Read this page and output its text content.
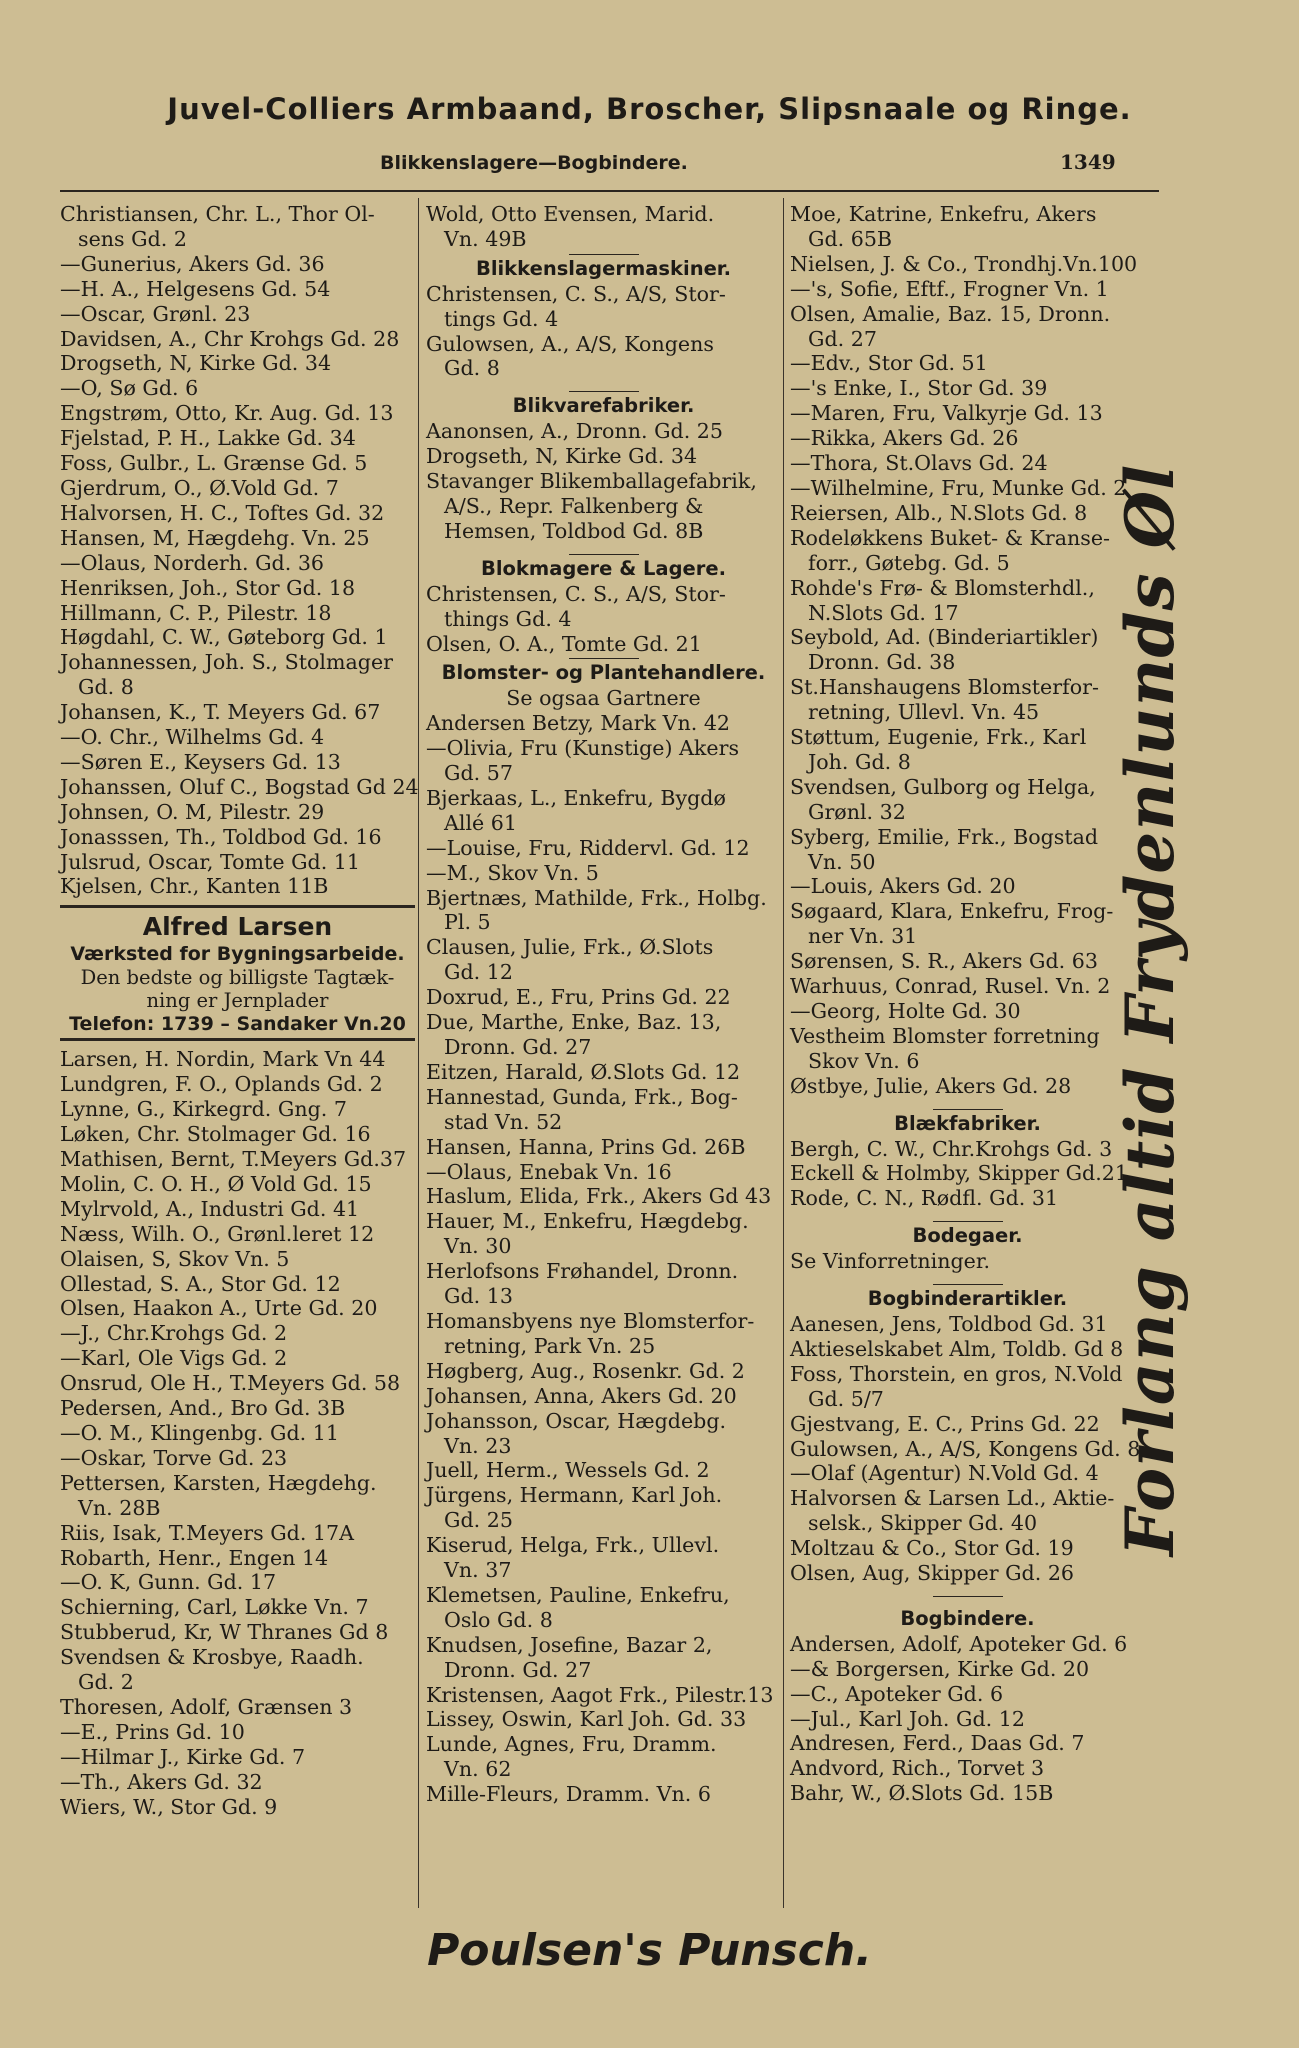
Juvel-Colliers Armbaand, Broscher, Slipsnaale og Ringe.
Blikkenslagere—Bogbindere.	1349
Christiansen, Chr. L., Thor Ol-
sens Gd. 2
—Gunerius, Akers Gd. 36
—H. A., Helgesens Gd. 54
—Oscar, Grønl. 23
Davidsen, A., Chr Krohgs Gd. 28
Drogseth, N, Kirke Gd. 34
—O, Sø Gd. 6
Engstrøm, Otto, Kr. Aug. Gd. 13
Fjelstad, P. H., Lakke Gd. 34
Foss, Gulbr., L. Grænse Gd. 5
Gjerdrum, O., Ø.Vold Gd. 7
Halvorsen, H. C., Toftes Gd. 32
Hansen, M, Hægdehg. Vn. 25
—Olaus, Norderh. Gd. 36
Henriksen, Joh., Stor Gd. 18
Hillmann, C. P., Pilestr. 18
Høgdahl, C. W., Gøteborg Gd. 1
Johannessen, Joh. S., Stolmager
Gd. 8
Johansen, K., T. Meyers Gd. 67
—O. Chr., Wilhelms Gd. 4
—Søren E., Keysers Gd. 13
Johanssen, Oluf C., Bogstad Gd 24
Johnsen, O. M, Pilestr. 29
Jonasssen, Th., Toldbod Gd. 16
Julsrud, Oscar, Tomte Gd. 11
Kjelsen, Chr., Kanten 11B
Alfred Larsen
Værksted for Bygningsarbeide.
Den bedste og billigste Tagtæk-
ning er Jernplader
Telefon: 1739 – Sandaker Vn.20
Larsen, H. Nordin, Mark Vn 44
Lundgren, F. O., Oplands Gd. 2
Lynne, G., Kirkegrd. Gng. 7
Løken, Chr. Stolmager Gd. 16
Mathisen, Bernt, T.Meyers Gd.37
Molin, C. O. H., Ø Vold Gd. 15
Mylrvold, A., Industri Gd. 41
Næss, Wilh. O., Grønl.leret 12
Olaisen, S, Skov Vn. 5
Ollestad, S. A., Stor Gd. 12
Olsen, Haakon A., Urte Gd. 20
—J., Chr.Krohgs Gd. 2
—Karl, Ole Vigs Gd. 2
Onsrud, Ole H., T.Meyers Gd. 58
Pedersen, And., Bro Gd. 3B
—O. M., Klingenbg. Gd. 11
—Oskar, Torve Gd. 23
Pettersen, Karsten, Hægdehg.
Vn. 28B
Riis, Isak, T.Meyers Gd. 17A
Robarth, Henr., Engen 14
—O. K, Gunn. Gd. 17
Schierning, Carl, Løkke Vn. 7
Stubberud, Kr, W Thranes Gd 8
Svendsen & Krosbye, Raadh.
Gd. 2
Thoresen, Adolf, Grænsen 3
—E., Prins Gd. 10
—Hilmar J., Kirke Gd. 7
—Th., Akers Gd. 32
Wiers, W., Stor Gd. 9
Wold, Otto Evensen, Marid.
Vn. 49B
Blikkenslagermaskiner.
Christensen, C. S., A/S, Stor-
tings Gd. 4
Gulowsen, A., A/S, Kongens
Gd. 8
Blikvarefabriker.
Aanonsen, A., Dronn. Gd. 25
Drogseth, N, Kirke Gd. 34
Stavanger Blikemballagefabrik,
A/S., Repr. Falkenberg &
Hemsen, Toldbod Gd. 8B
Blokmagere & Lagere.
Christensen, C. S., A/S, Stor-
things Gd. 4
Olsen, O. A., Tomte Gd. 21
Blomster- og Plantehandlere.
Se ogsaa Gartnere
Andersen Betzy, Mark Vn. 42
—Olivia, Fru (Kunstige) Akers
Gd. 57
Bjerkaas, L., Enkefru, Bygdø
Allé 61
—Louise, Fru, Riddervl. Gd. 12
—M., Skov Vn. 5
Bjertnæs, Mathilde, Frk., Holbg.
Pl. 5
Clausen, Julie, Frk., Ø.Slots
Gd. 12
Doxrud, E., Fru, Prins Gd. 22
Due, Marthe, Enke, Baz. 13,
Dronn. Gd. 27
Eitzen, Harald, Ø.Slots Gd. 12
Hannestad, Gunda, Frk., Bog-
stad Vn. 52
Hansen, Hanna, Prins Gd. 26B
—Olaus, Enebak Vn. 16
Haslum, Elida, Frk., Akers Gd 43
Hauer, M., Enkefru, Hægdebg.
Vn. 30
Herlofsons Frøhandel, Dronn.
Gd. 13
Homansbyens nye Blomsterfor-
retning, Park Vn. 25
Høgberg, Aug., Rosenkr. Gd. 2
Johansen, Anna, Akers Gd. 20
Johansson, Oscar, Hægdebg.
Vn. 23
Juell, Herm., Wessels Gd. 2
Jürgens, Hermann, Karl Joh.
Gd. 25
Kiserud, Helga, Frk., Ullevl.
Vn. 37
Klemetsen, Pauline, Enkefru,
Oslo Gd. 8
Knudsen, Josefine, Bazar 2,
Dronn. Gd. 27
Kristensen, Aagot Frk., Pilestr.13
Lissey, Oswin, Karl Joh. Gd. 33
Lunde, Agnes, Fru, Dramm.
Vn. 62
Mille-Fleurs, Dramm. Vn. 6
Moe, Katrine, Enkefru, Akers
Gd. 65B
Nielsen, J. & Co., Trondhj.Vn.100
—'s, Sofie, Eftf., Frogner Vn. 1
Olsen, Amalie, Baz. 15, Dronn.
Gd. 27
—Edv., Stor Gd. 51
—'s Enke, I., Stor Gd. 39
—Maren, Fru, Valkyrje Gd. 13
—Rikka, Akers Gd. 26
—Thora, St.Olavs Gd. 24
—Wilhelmine, Fru, Munke Gd. 2
Reiersen, Alb., N.Slots Gd. 8
Rodeløkkens Buket- & Kranse-
forr., Gøtebg. Gd. 5
Rohde's Frø- & Blomsterhdl.,
N.Slots Gd. 17
Seybold, Ad. (Binderiartikler)
Dronn. Gd. 38
St.Hanshaugens Blomsterfor-
retning, Ullevl. Vn. 45
Støttum, Eugenie, Frk., Karl
Joh. Gd. 8
Svendsen, Gulborg og Helga,
Grønl. 32
Syberg, Emilie, Frk., Bogstad
Vn. 50
—Louis, Akers Gd. 20
Søgaard, Klara, Enkefru, Frog-
ner Vn. 31
Sørensen, S. R., Akers Gd. 63
Warhuus, Conrad, Rusel. Vn. 2
—Georg, Holte Gd. 30
Vestheim Blomster forretning
Skov Vn. 6
Østbye, Julie, Akers Gd. 28
Blækfabriker.
Bergh, C. W., Chr.Krohgs Gd. 3
Eckell & Holmby, Skipper Gd.21
Rode, C. N., Rødfl. Gd. 31
Bodegaer.
Se Vinforretninger.
Bogbinderartikler.
Aanesen, Jens, Toldbod Gd. 31
Aktieselskabet Alm, Toldb. Gd 8
Foss, Thorstein, en gros, N.Vold
Gd. 5/7
Gjestvang, E. C., Prins Gd. 22
Gulowsen, A., A/S, Kongens Gd. 8
—Olaf (Agentur) N.Vold Gd. 4
Halvorsen & Larsen Ld., Aktie-
selsk., Skipper Gd. 40
Moltzau & Co., Stor Gd. 19
Olsen, Aug, Skipper Gd. 26
Bogbindere.
Andersen, Adolf, Apoteker Gd. 6
—& Borgersen, Kirke Gd. 20
—C., Apoteker Gd. 6
—Jul., Karl Joh. Gd. 12
Andresen, Ferd., Daas Gd. 7
Andvord, Rich., Torvet 3
Bahr, W., Ø.Slots Gd. 15B
Forlang altid Frydenlunds Øl
Poulsen's Punsch.
